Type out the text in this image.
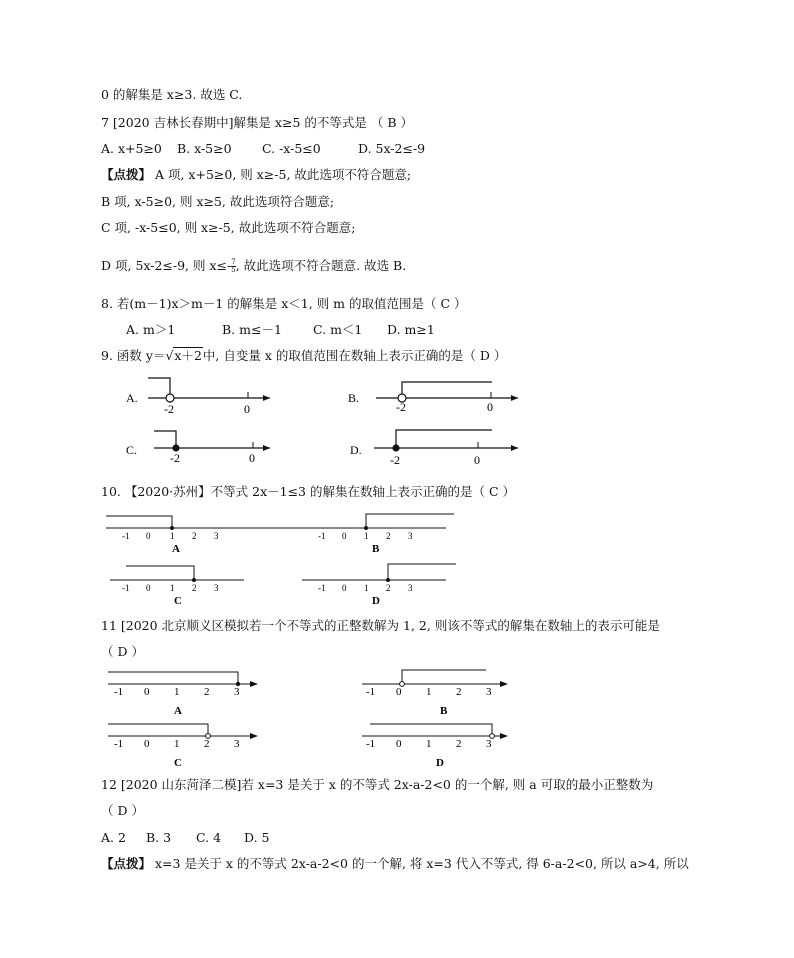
0 的解集是 x≥3. 故选 C.
7 [2020 吉林长春期中]解集是 x≥5 的不等式是 （ B ）
A. x+5≥0 B. x-5≥0 C. -x-5≤0	D. 5x-2≤-9
【点拨】 A 项, x+5≥0, 则 x≥-5, 故此选项不符合题意;
B 项, x-5≥0, 则 x≥5, 故此选项符合题意;
C 项, -x-5≤0, 则 x≥-5, 故此选项不符合题意;
D 项, 5x-2≤-9, 则 $x\le- \frac{7}{5}$ , 故此选项不符合题意. 故选 B.
8. 若(m－1)x＞m－1 的解集是 x＜1, 则 m 的取值范围是（ C ）
A. m＞1	B. m≤－1 C. m＜1 D. m≥1
9. 函数 y＝√x＋2中, 自变量 x 的取值范围在数轴上表示正确的是（ D ）
A.
-2	0
B.
-2	0
C.
-2	0
D.
-2	0
10. 【2020·苏州】不等式 2x－1≤3 的解集在数轴上表示正确的是（ C ）
-1 0 1 2 3
A
-1 0 1 2 3
B
-1 0 1 2 3
C
-1 0 1 2 3
D
11 [2020 北京顺义区模拟若一个不等式的正整数解为 1, 2, 则该不等式的解集在数轴上的表示可能是
（ D ）
-1 0 1 2 3
A
-1 0 1 2 3
B
-1 0 1 2 3
C
-1 0 1 2 3
D
12 [2020 山东菏泽二模]若 x=3 是关于 x 的不等式 2x-a-2<0 的一个解, 则 a 可取的最小正整数为
（ D ）
A. 2 B. 3 C. 4 D. 5
【点拨】 x=3 是关于 x 的不等式 2x-a-2<0 的一个解, 将 x=3 代入不等式, 得 6-a-2<0, 所以 a>4, 所以
